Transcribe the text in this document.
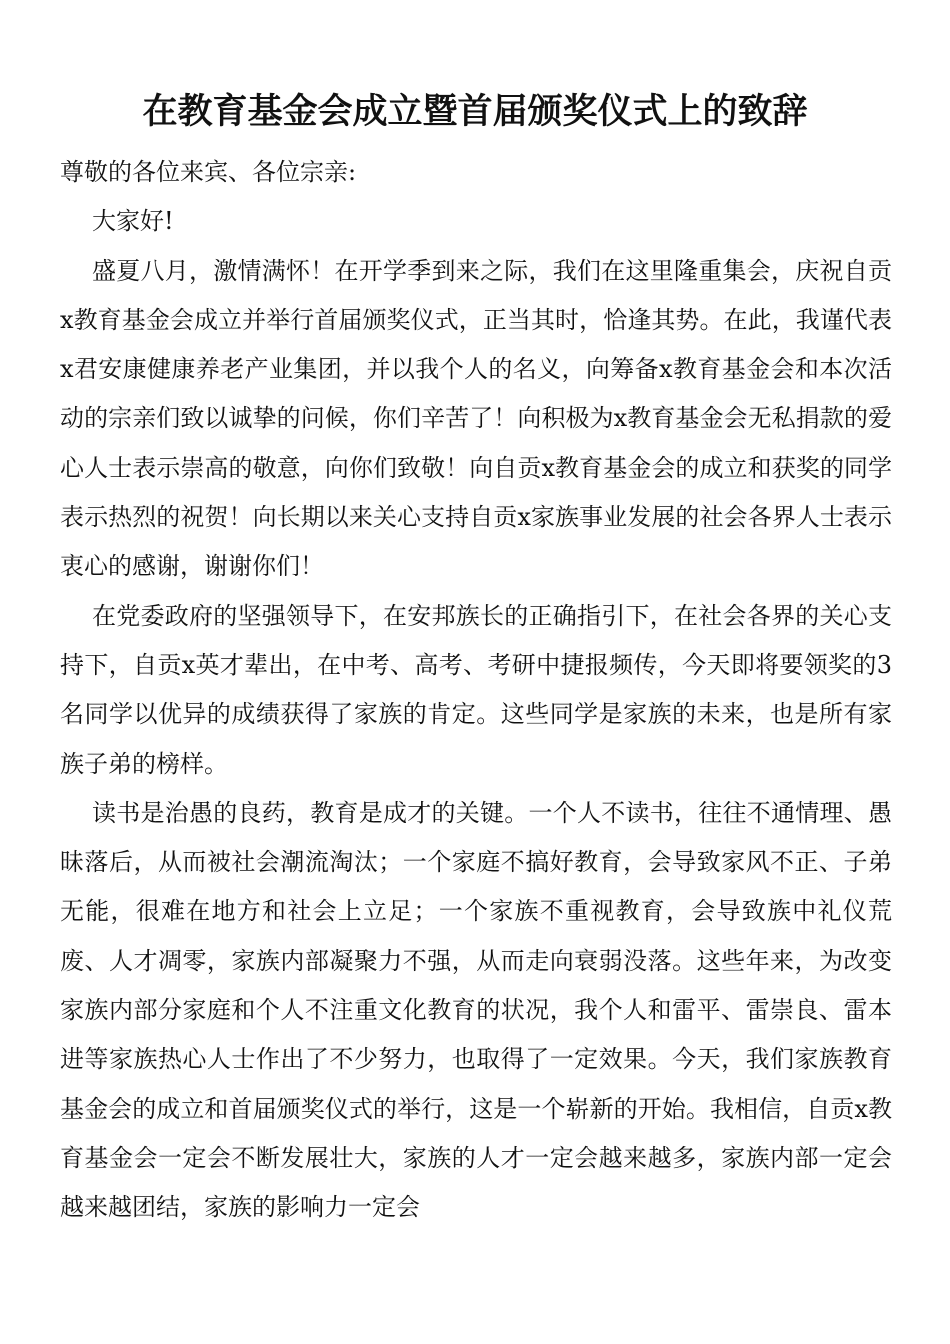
在教育基金会成立暨首届颁奖仪式上的致辞

尊敬的各位来宾、各位宗亲:

大家好!

盛夏八月，激情满怀！在开学季到来之际，我们在这里隆重集会，庆祝自贡x教育基金会成立并举行首届颁奖仪式，正当其时，恰逢其势。在此，我谨代表x君安康健康养老产业集团，并以我个人的名义，向筹备x教育基金会和本次活动的宗亲们致以诚挚的问候，你们辛苦了！向积极为x教育基金会无私捐款的爱心人士表示崇高的敬意，向你们致敬！向自贡x教育基金会的成立和获奖的同学表示热烈的祝贺！向长期以来关心支持自贡x家族事业发展的社会各界人士表示衷心的感谢，谢谢你们！

在党委政府的坚强领导下，在安邦族长的正确指引下，在社会各界的关心支持下，自贡x英才辈出，在中考、高考、考研中捷报频传，今天即将要领奖的3名同学以优异的成绩获得了家族的肯定。这些同学是家族的未来，也是所有家族子弟的榜样。

读书是治愚的良药，教育是成才的关键。一个人不读书，往往不通情理、愚昧落后，从而被社会潮流淘汰；一个家庭不搞好教育，会导致家风不正、子弟无能，很难在地方和社会上立足；一个家族不重视教育，会导致族中礼仪荒废、人才凋零，家族内部凝聚力不强，从而走向衰弱没落。这些年来，为改变家族内部分家庭和个人不注重文化教育的状况，我个人和雷平、雷崇良、雷本进等家族热心人士作出了不少努力，也取得了一定效果。今天，我们家族教育基金会的成立和首届颁奖仪式的举行，这是一个崭新的开始。我相信，自贡x教育基金会一定会不断发展壮大，家族的人才一定会越来越多，家族内部一定会越来越团结，家族的影响力一定会
